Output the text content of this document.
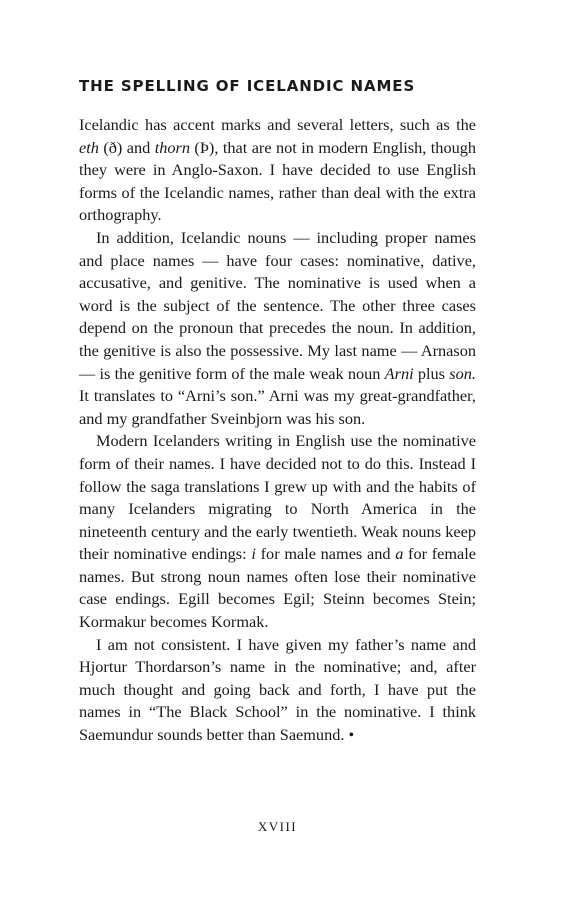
THE SPELLING OF ICELANDIC NAMES

Icelandic has accent marks and several letters, such as the eth (ð) and thorn (Þ), that are not in modern English, though they were in Anglo-Saxon. I have decided to use English forms of the Icelandic names, rather than deal with the extra orthography.

In addition, Icelandic nouns — including proper names and place names — have four cases: nominative, dative, accusative, and genitive. The nominative is used when a word is the subject of the sentence. The other three cases depend on the pronoun that precedes the noun. In addition, the genitive is also the possessive. My last name — Arnason — is the genitive form of the male weak noun Arni plus son. It translates to “Arni’s son.” Arni was my great-grandfather, and my grandfather Sveinbjorn was his son.

Modern Icelanders writing in English use the nominative form of their names. I have decided not to do this. Instead I follow the saga translations I grew up with and the habits of many Icelanders migrating to North America in the nineteenth century and the early twentieth. Weak nouns keep their nominative endings: i for male names and a for female names. But strong noun names often lose their nominative case endings. Egill becomes Egil; Steinn becomes Stein; Kormakur becomes Kormak.

I am not consistent. I have given my father’s name and Hjortur Thordarson’s name in the nominative; and, after much thought and going back and forth, I have put the names in “The Black School” in the nominative. I think Saemundur sounds better than Saemund. •

XVIII
